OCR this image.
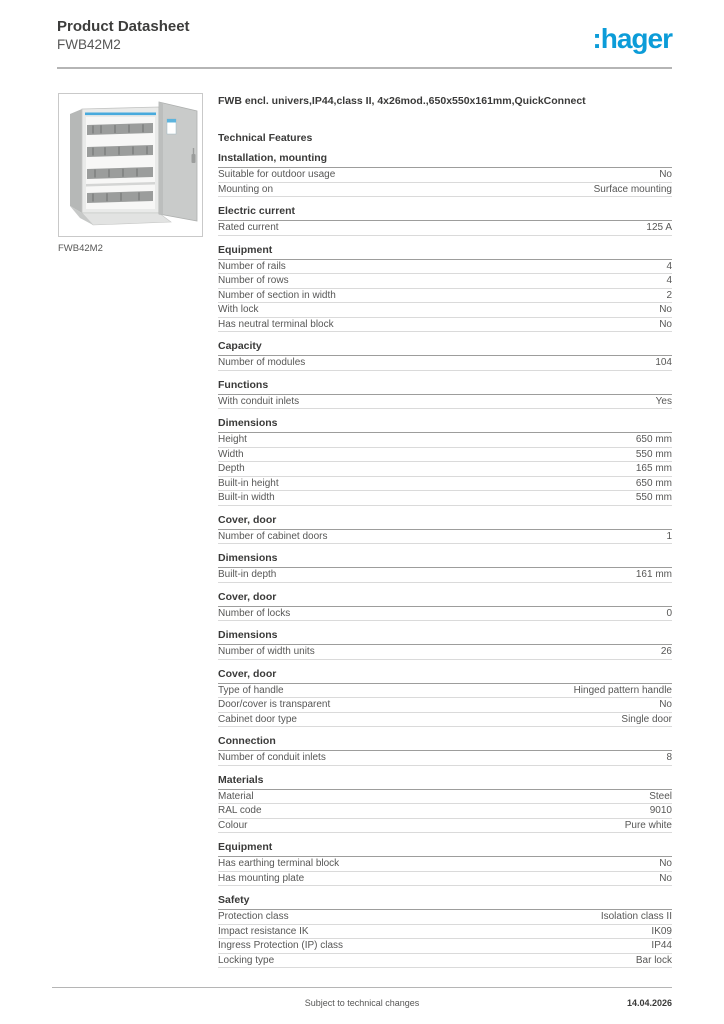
Product Datasheet
FWB42M2	:hager
FWB42M2
FWB encl. univers,IP44,class II, 4x26mod.,650x550x161mm,QuickConnect
Technical Features
Installation, mounting
Suitable for outdoor usage	No
Mounting on	Surface mounting
Electric current
Rated current	125 A
Equipment
Number of rails	4
Number of rows	4
Number of section in width	2
With lock	No
Has neutral terminal block	No
Capacity
Number of modules	104
Functions
With conduit inlets	Yes
Dimensions
Height	650 mm
Width	550 mm
Depth	165 mm
Built-in height	650 mm
Built-in width	550 mm
Cover, door
Number of cabinet doors	1
Dimensions
Built-in depth	161 mm
Cover, door
Number of locks	0
Dimensions
Number of width units	26
Cover, door
Type of handle	Hinged pattern handle
Door/cover is transparent	No
Cabinet door type	Single door
Connection
Number of conduit inlets	8
Materials
Material	Steel
RAL code	9010
Colour	Pure white
Equipment
Has earthing terminal block	No
Has mounting plate	No
Safety
Protection class	Isolation class II
Impact resistance IK	IK09
Ingress Protection (IP) class	IP44
Locking type	Bar lock
Subject to technical changes	14.04.2026
